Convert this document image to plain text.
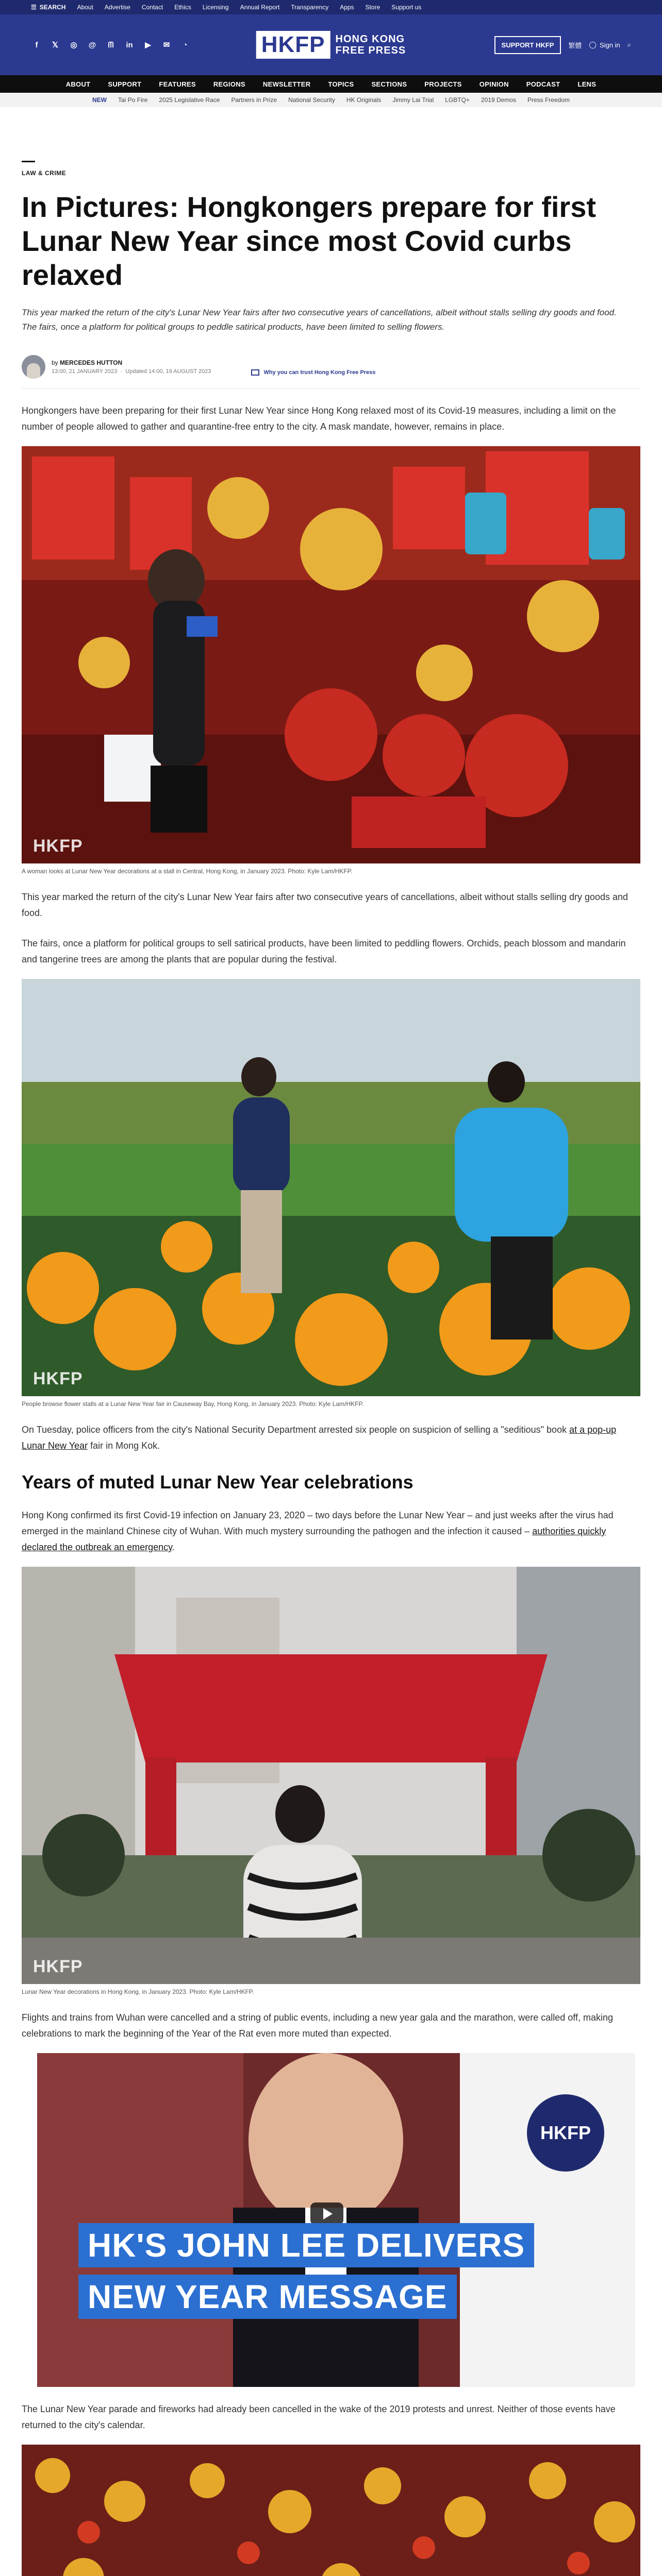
☰ SEARCH About Advertise Contact Ethics Licensing Annual Report Transparency Apps Store Support us
f	𝕏	◎ @	ᗰ	in	▶	✉	◔	HKFP	HONG KONG
FREE PRESS	SUPPORT HKFP	繁體 ◯ Sign in ⌕
ABOUT	SUPPORT	FEATURES	REGIONS	NEWSLETTER	TOPICS	SECTIONS	PROJECTS	OPINION	PODCAST	LENS
NEW Tai Po Fire 2025 Legislative Race Partners in Prize National Security HK Originals Jimmy Lai Trial LGBTQ+ 2019 Demos Press Freedom
LAW & CRIME
In Pictures: Hongkongers prepare for first Lunar New Year since most Covid curbs relaxed

This year marked the return of the city's Lunar New Year fairs after two consecutive years of cancellations, albeit without stalls selling dry goods and food. The fairs, once a platform for political groups to peddle satirical products, have been limited to selling flowers.

by MERCEDES HUTTON
13:00, 21 JANUARY 2023  ·  Updated 14:00, 19 AUGUST 2023	Why you can trust Hong Kong Free Press

Hongkongers have been preparing for their first Lunar New Year since Hong Kong relaxed most of its Covid-19 measures, including a limit on the number of people allowed to gather and quarantine-free entry to the city. A mask mandate, however, remains in place.

HKFP
A woman looks at Lunar New Year decorations at a stall in Central, Hong Kong, in January 2023. Photo: Kyle Lam/HKFP.

This year marked the return of the city's Lunar New Year fairs after two consecutive years of cancellations, albeit without stalls selling dry goods and food.

The fairs, once a platform for political groups to sell satirical products, have been limited to peddling flowers. Orchids, peach blossom and mandarin and tangerine trees are among the plants that are popular during the festival.

HKFP
People browse flower stalls at a Lunar New Year fair in Causeway Bay, Hong Kong, in January 2023. Photo: Kyle Lam/HKFP.

On Tuesday, police officers from the city's National Security Department arrested six people on suspicion of selling a "seditious" book at a pop-up Lunar New Year fair in Mong Kok.

Years of muted Lunar New Year celebrations

Hong Kong confirmed its first Covid-19 infection on January 23, 2020 – two days before the Lunar New Year – and just weeks after the virus had emerged in the mainland Chinese city of Wuhan. With much mystery surrounding the pathogen and the infection it caused – authorities quickly declared the outbreak an emergency.

HKFP
Lunar New Year decorations in Hong Kong, in January 2023. Photo: Kyle Lam/HKFP.

Flights and trains from Wuhan were cancelled and a string of public events, including a new year gala and the marathon, were called off, making celebrations to mark the beginning of the Year of the Rat even more muted than expected.

HKFP
HK'S JOHN LEE DELIVERS
NEW YEAR MESSAGE

The Lunar New Year parade and fireworks had already been cancelled in the wake of the 2019 protests and unrest. Neither of those events have returned to the city's calendar.
